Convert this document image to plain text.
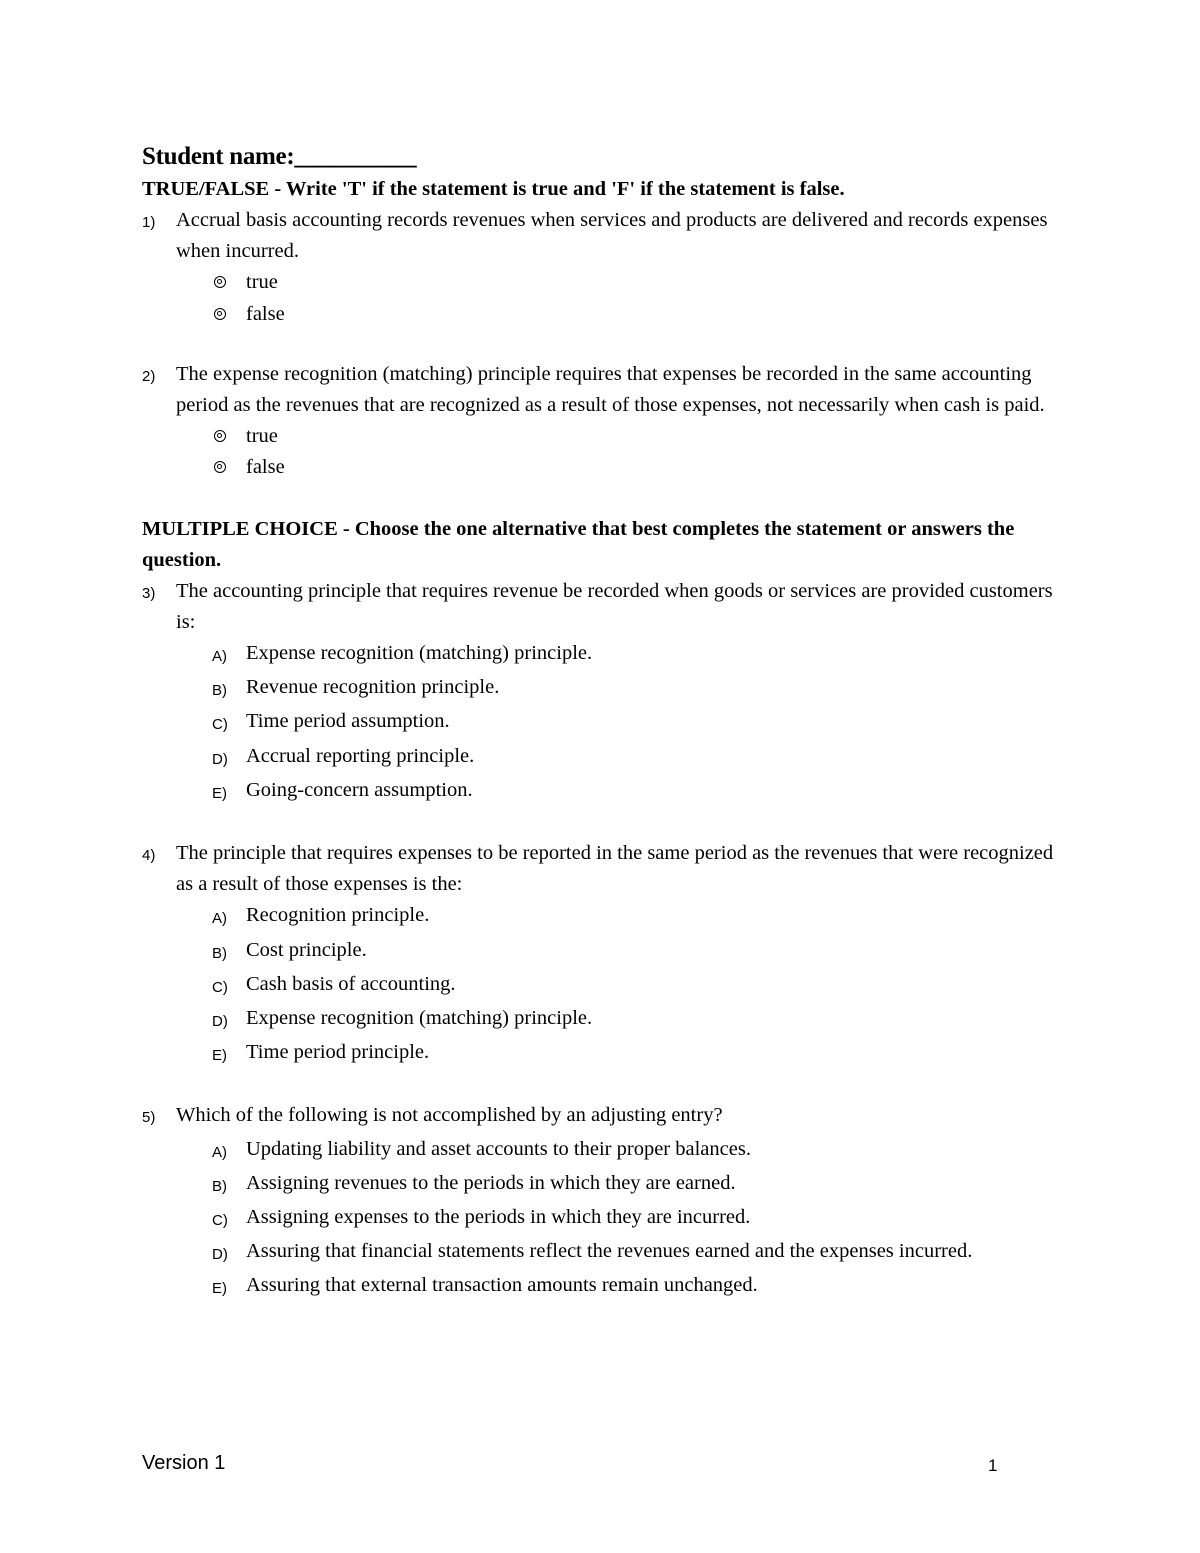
Student name:__________
TRUE/FALSE - Write 'T' if the statement is true and 'F' if the statement is false.
1)	Accrual basis accounting records revenues when services and products are delivered and records expenses when incurred.
true
false
2)	The expense recognition (matching) principle requires that expenses be recorded in the same accounting period as the revenues that are recognized as a result of those expenses, not necessarily when cash is paid.
true
false
MULTIPLE CHOICE - Choose the one alternative that best completes the statement or answers the question.
3)	The accounting principle that requires revenue be recorded when goods or services are provided customers is:
A) Expense recognition (matching) principle.
B) Revenue recognition principle.
C) Time period assumption.
D) Accrual reporting principle.
E) Going-concern assumption.
4)	The principle that requires expenses to be reported in the same period as the revenues that were recognized as a result of those expenses is the:
A) Recognition principle.
B) Cost principle.
C) Cash basis of accounting.
D) Expense recognition (matching) principle.
E) Time period principle.
5)	Which of the following is not accomplished by an adjusting entry?
A) Updating liability and asset accounts to their proper balances.
B) Assigning revenues to the periods in which they are earned.
C) Assigning expenses to the periods in which they are incurred.
D) Assuring that financial statements reflect the revenues earned and the expenses incurred.
E) Assuring that external transaction amounts remain unchanged.
Version 1	1
